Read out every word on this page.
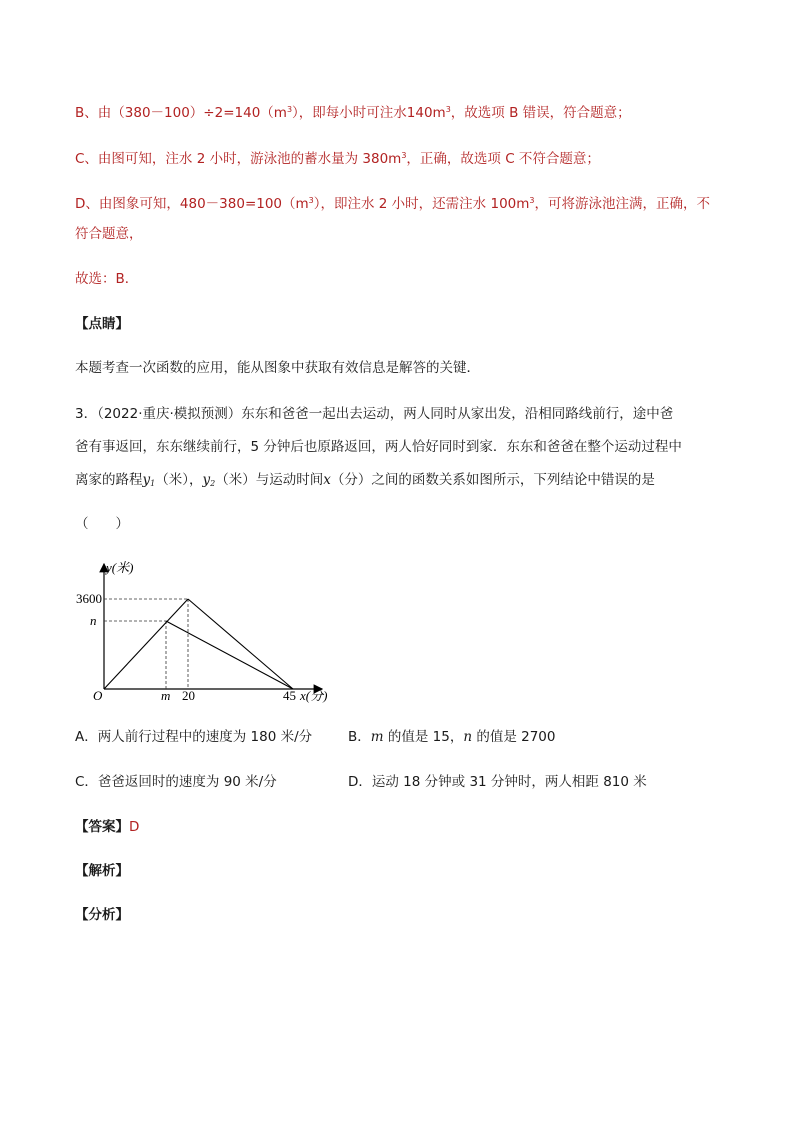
B、由$(380-100)\div 2=140(m^3)$，即每小时可注水$140m^3$，故选项 B 错误，符合题意；
C、由图可知，注水 2 小时，游泳池的蓄水量为 $380m^3$，正确，故选项 C 不符合题意；
D、由图象可知，$480-380=100(m^3)$，即注水 2 小时，还需注水 $100m^3$，可将游泳池注满，正确，不
符合题意，
故选：B．
【点睛】
本题考查一次函数的应用，能从图象中获取有效信息是解答的关键．
3．（2022·重庆·模拟预测）东东和爸爸一起出去运动，两人同时从家出发，沿相同路线前行，途中爸
爸有事返回，东东继续前行，5 分钟后也原路返回，两人恰好同时到家．东东和爸爸在整个运动过程中
离家的路程$y_1$（米），$y_2$（米）与运动时间x（分）之间的函数关系如图所示，下列结论中错误的是
（　　）
y(米)
3600
n
O	m 20	45 x(分)
A．两人前行过程中的速度为 180 米/分	B．m 的值是 15，n 的值是 2700
C．爸爸返回时的速度为 90 米/分	D．运动 18 分钟或 31 分钟时，两人相距 810 米
【答案】D
【解析】
【分析】
